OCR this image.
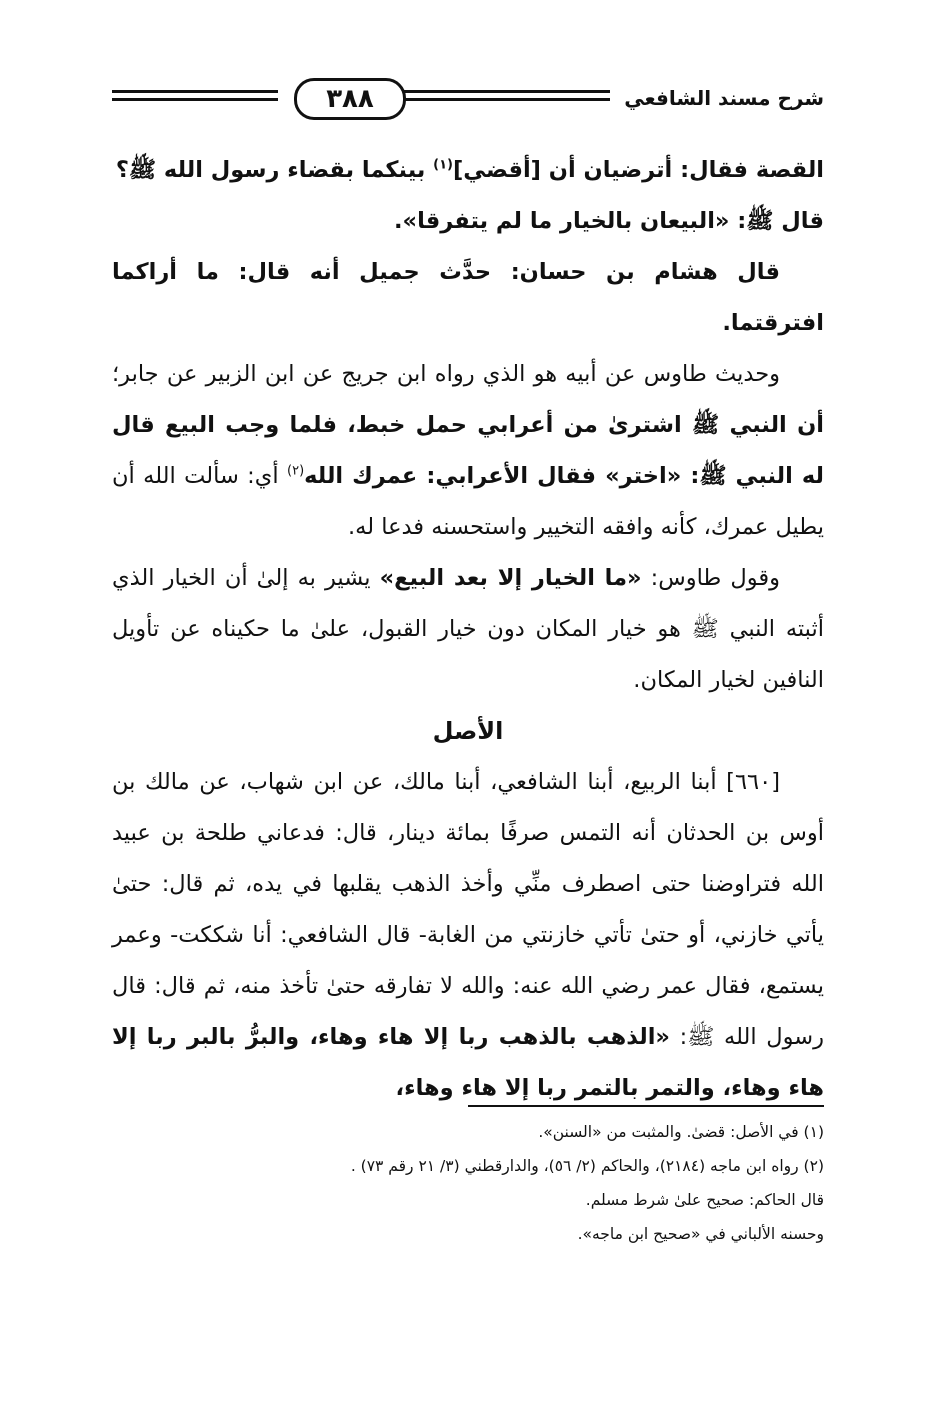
شرح مسند الشافعي
٣٨٨

القصة فقال: أترضيان أن [أقضي]$^{(١)}$ بينكما بقضاء رسول الله ﷺ؟

قال ﷺ: «البيعان بالخيار ما لم يتفرقا».

قال هشام بن حسان: حدَّث جميل أنه قال: ما أراكما افترقتما.

وحديث طاوس عن أبيه هو الذي رواه ابن جريج عن ابن الزبير عن جابر؛ أن النبي ﷺ اشترىٰ من أعرابي حمل خبط، فلما وجب البيع قال له النبي ﷺ: «اختر» فقال الأعرابي: عمرك الله$^{(٢)}$ أي: سألت الله أن يطيل عمرك، كأنه وافقه التخيير واستحسنه فدعا له.

وقول طاوس: «ما الخيار إلا بعد البيع» يشير به إلىٰ أن الخيار الذي أثبته النبي ﷺ هو خيار المكان دون خيار القبول، علىٰ ما حكيناه عن تأويل النافين لخيار المكان.

الأصل

[٦٦٠] أبنا الربيع، أبنا الشافعي، أبنا مالك، عن ابن شهاب، عن مالك بن أوس بن الحدثان أنه التمس صرفًا بمائة دينار، قال: فدعاني طلحة بن عبيد الله فتراوضنا حتى اصطرف منِّي وأخذ الذهب يقلبها في يده، ثم قال: حتىٰ يأتي خازني، أو حتىٰ تأتي خازنتي من الغابة- قال الشافعي: أنا شككت- وعمر يستمع، فقال عمر رضي الله عنه: والله لا تفارقه حتىٰ تأخذ منه، ثم قال: قال رسول الله ﷺ: «الذهب بالذهب ربا إلا هاء وهاء، والبرُّ بالبر ربا إلا هاء وهاء، والتمر بالتمر ربا إلا هاء وهاء،

(١) في الأصل: قضىٰ. والمثبت من «السنن».

(٢) رواه ابن ماجه (٢١٨٤)، والحاكم (٢/ ٥٦)، والدارقطني (٣/ ٢١ رقم ٧٣) .

قال الحاكم: صحيح علىٰ شرط مسلم.

وحسنه الألباني في «صحيح ابن ماجه».
